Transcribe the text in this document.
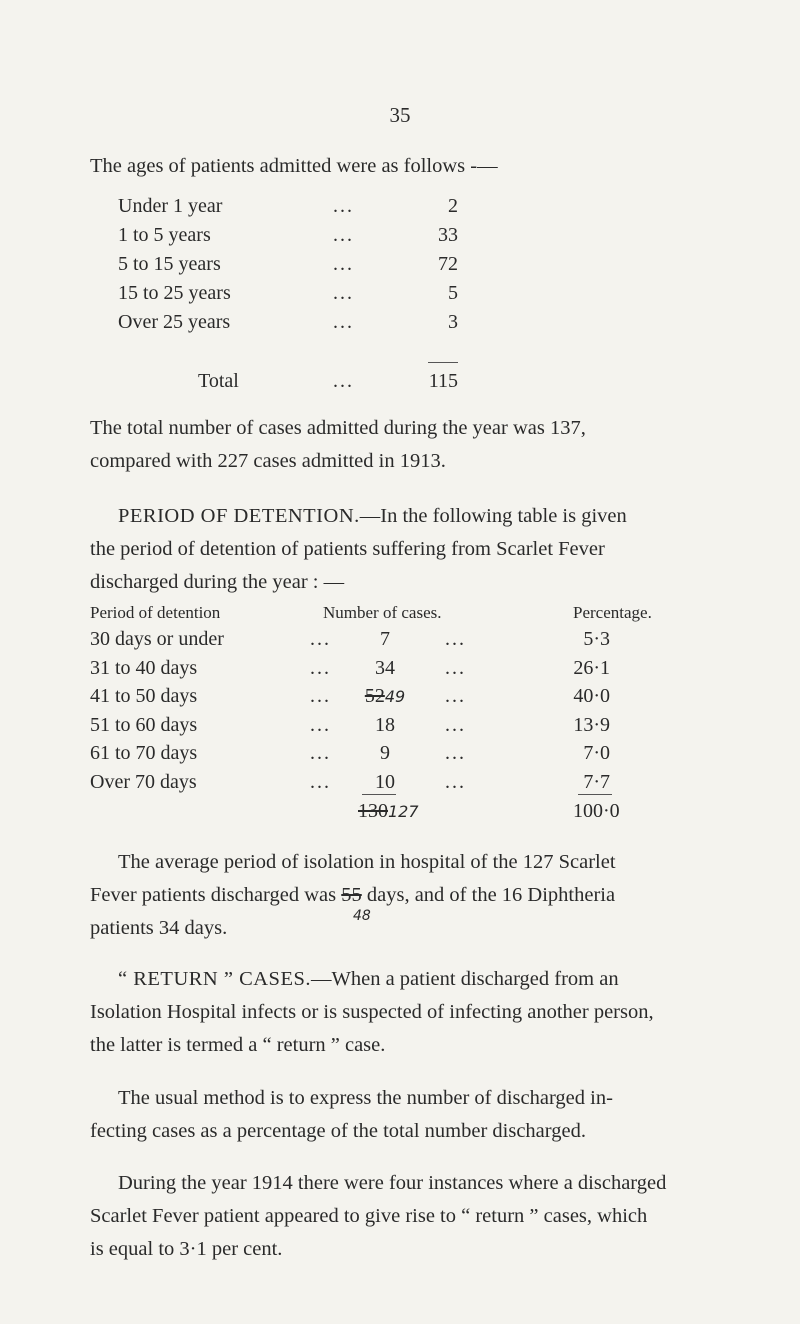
35
The ages of patients admitted were as follows -—
Under 1 year	...	2
1 to 5 years	...	33
5 to 15 years	...	72
15 to 25 years	...	5
Over 25 years	...	3
Total	...	115
The total number of cases admitted during the year was 137,
compared with 227 cases admitted in 1913.
PERIOD OF DETENTION.—In the following table is given
the period of detention of patients suffering from Scarlet Fever
discharged during the year : —
Period of detention	Number of cases.	Percentage.
30 days or under	...	7	...	5·3
31 to 40 days	...	34	...	26·1
41 to 50 days	...	5249	...	40·0
51 to 60 days	...	18	...	13·9
61 to 70 days	...	9	...	7·0
Over 70 days	...	10	...	7·7
130127	100·0
The average period of isolation in hospital of the 127 Scarlet
Fever patients discharged was 55 days, and of the 16 Diphtheria
patients 34 days.
48
“ RETURN ” CASES.—When a patient discharged from an
Isolation Hospital infects or is suspected of infecting another person,
the latter is termed a “ return ” case.
The usual method is to express the number of discharged in-
fecting cases as a percentage of the total number discharged.
During the year 1914 there were four instances where a discharged
Scarlet Fever patient appeared to give rise to “ return ” cases, which
is equal to 3·1 per cent.
